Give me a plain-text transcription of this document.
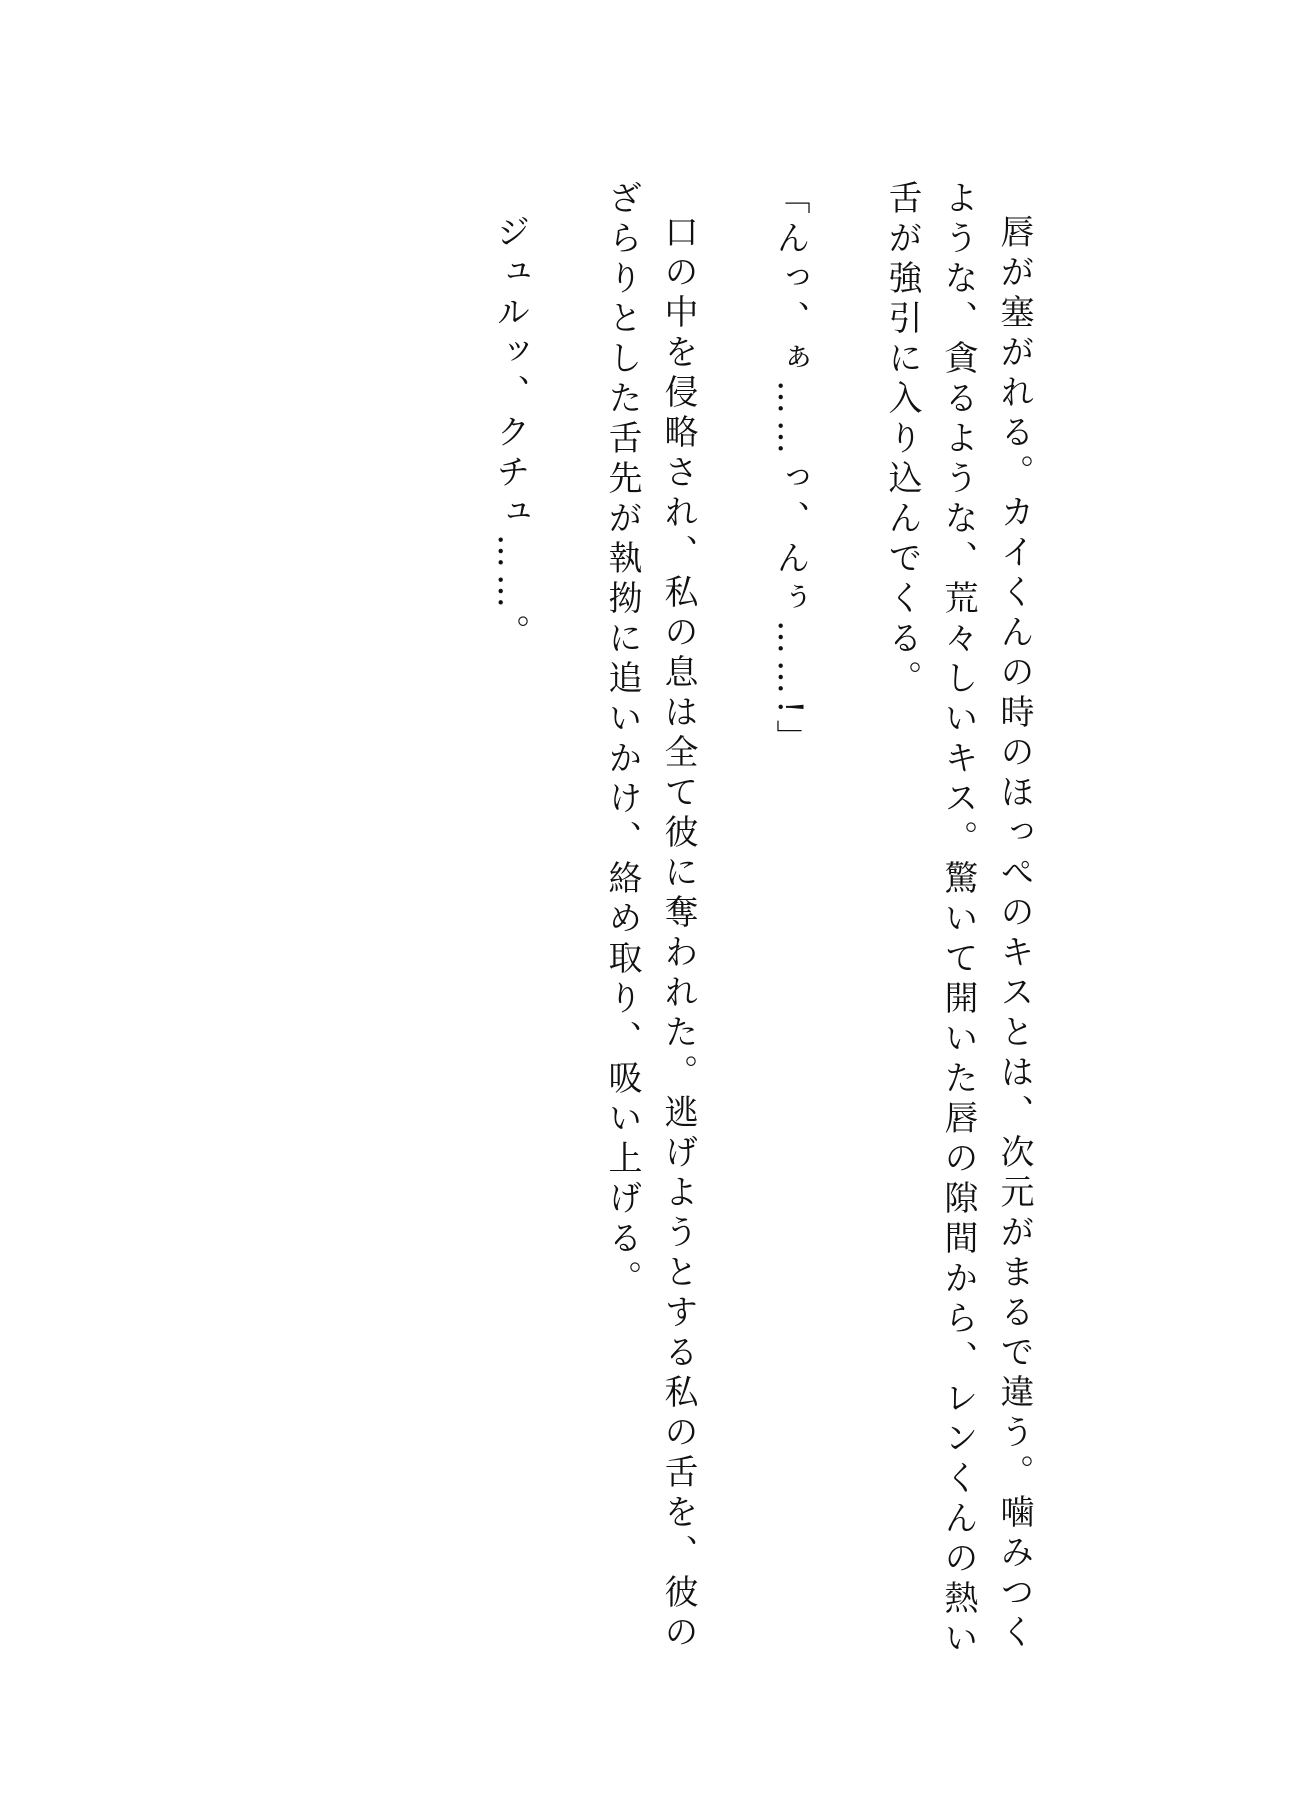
唇が塞がれる。カイくんの時のほっぺのキスとは、次元がまるで違う。噛みつくような、貪るような、荒々しいキス。驚いて開いた唇の隙間から、レンくんの熱い舌が強引に入り込んでくる。

「んっ、ぁ……っ、んぅ……!」

口の中を侵略され、私の息は全て彼に奪われた。逃げようとする私の舌を、彼のざらりとした舌先が執拗に追いかけ、絡め取り、吸い上げる。

ジュルッ、クチュ……。
